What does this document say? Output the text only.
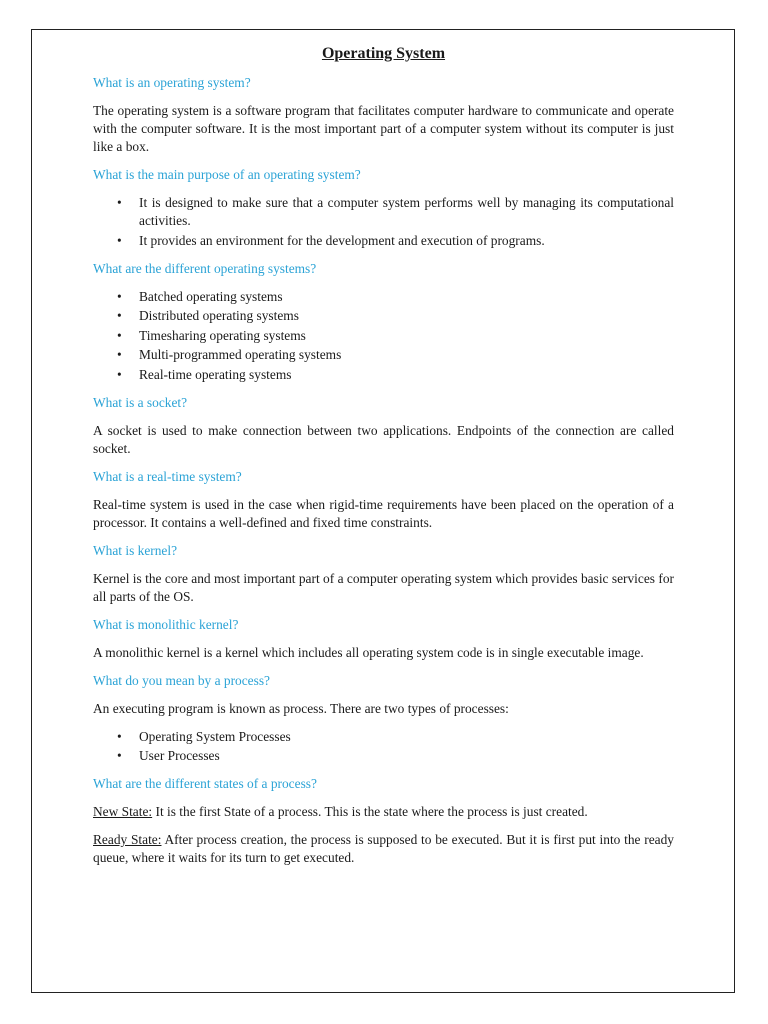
Operating System
What is an operating system?
The operating system is a software program that facilitates computer hardware to communicate and operate with the computer software. It is the most important part of a computer system without its computer is just like a box.
What is the main purpose of an operating system?
• It is designed to make sure that a computer system performs well by managing its computational activities.
• It provides an environment for the development and execution of programs.
What are the different operating systems?
• Batched operating systems
• Distributed operating systems
• Timesharing operating systems
• Multi-programmed operating systems
• Real-time operating systems
What is a socket?
A socket is used to make connection between two applications. Endpoints of the connection are called socket.
What is a real-time system?
Real-time system is used in the case when rigid-time requirements have been placed on the operation of a processor. It contains a well-defined and fixed time constraints.
What is kernel?
Kernel is the core and most important part of a computer operating system which provides basic services for all parts of the OS.
What is monolithic kernel?
A monolithic kernel is a kernel which includes all operating system code is in single executable image.
What do you mean by a process?
An executing program is known as process. There are two types of processes:
• Operating System Processes
• User Processes
What are the different states of a process?
New State: It is the first State of a process. This is the state where the process is just created.
Ready State: After process creation, the process is supposed to be executed. But it is first put into the ready queue, where it waits for its turn to get executed.
